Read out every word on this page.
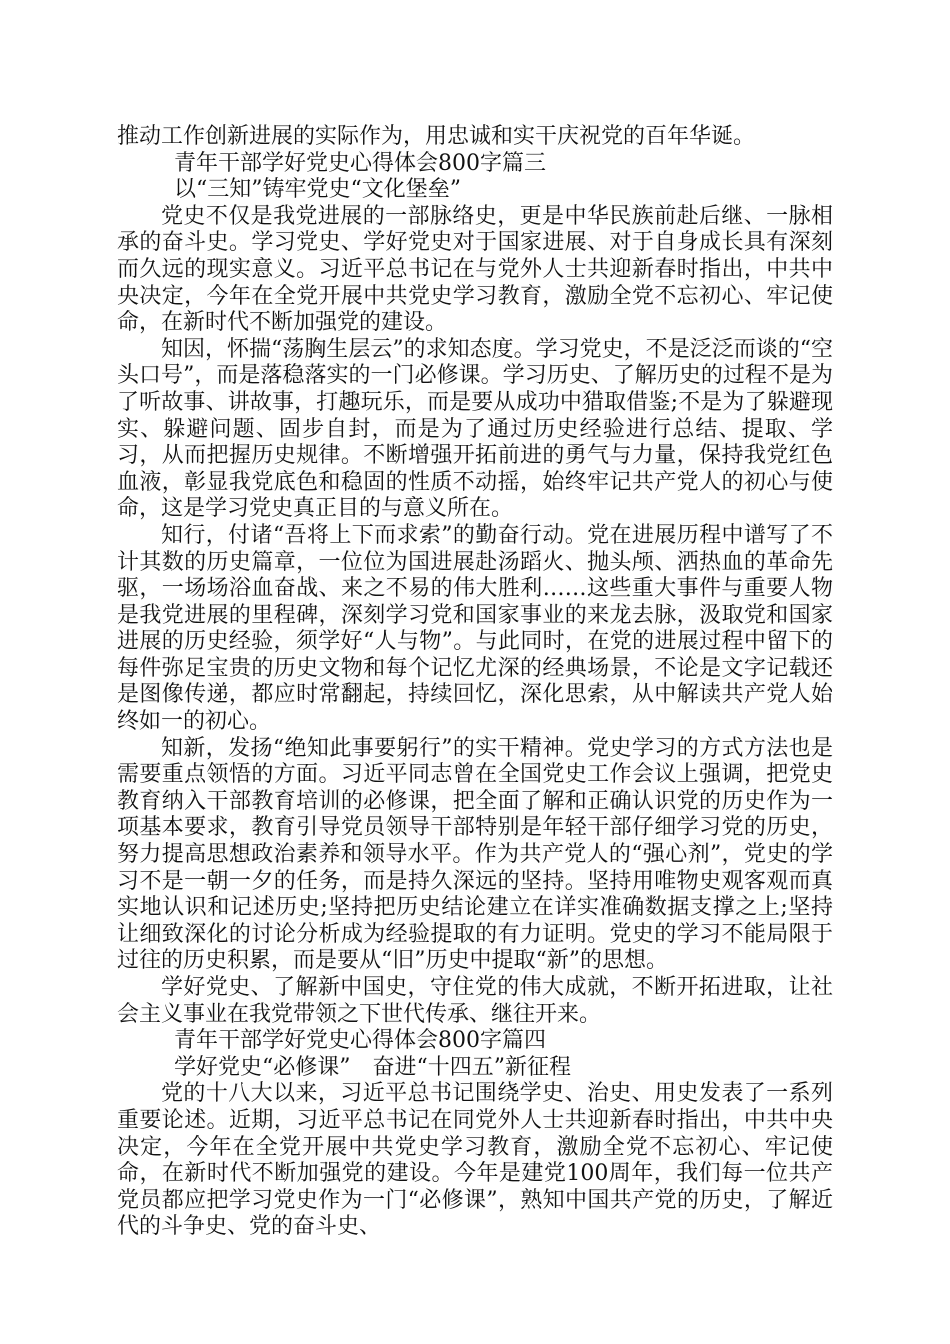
推动工作创新进展的实际作为，用忠诚和实干庆祝党的百年华诞。

青年干部学好党史心得体会800字篇三

以“三知”铸牢党史“文化堡垒”

党史不仅是我党进展的一部脉络史，更是中华民族前赴后继、一脉相承的奋斗史。学习党史、学好党史对于国家进展、对于自身成长具有深刻而久远的现实意义。习近平总书记在与党外人士共迎新春时指出，中共中央决定，今年在全党开展中共党史学习教育，激励全党不忘初心、牢记使命，在新时代不断加强党的建设。

知因，怀揣“荡胸生层云”的求知态度。学习党史，不是泛泛而谈的“空头口号”，而是落稳落实的一门必修课。学习历史、了解历史的过程不是为了听故事、讲故事，打趣玩乐，而是要从成功中猎取借鉴;不是为了躲避现实、躲避问题、固步自封，而是为了通过历史经验进行总结、提取、学习，从而把握历史规律。不断增强开拓前进的勇气与力量，保持我党红色血液，彰显我党底色和稳固的性质不动摇，始终牢记共产党人的初心与使命，这是学习党史真正目的与意义所在。

知行，付诸“吾将上下而求索”的勤奋行动。党在进展历程中谱写了不计其数的历史篇章，一位位为国进展赴汤蹈火、抛头颅、洒热血的革命先驱，一场场浴血奋战、来之不易的伟大胜利……这些重大事件与重要人物是我党进展的里程碑，深刻学习党和国家事业的来龙去脉，汲取党和国家进展的历史经验，须学好“人与物”。与此同时，在党的进展过程中留下的每件弥足宝贵的历史文物和每个记忆尤深的经典场景，不论是文字记载还是图像传递，都应时常翻起，持续回忆，深化思索，从中解读共产党人始终如一的初心。

知新，发扬“绝知此事要躬行”的实干精神。党史学习的方式方法也是需要重点领悟的方面。习近平同志曾在全国党史工作会议上强调，把党史教育纳入干部教育培训的必修课，把全面了解和正确认识党的历史作为一项基本要求，教育引导党员领导干部特别是年轻干部仔细学习党的历史，努力提高思想政治素养和领导水平。作为共产党人的“强心剂”，党史的学习不是一朝一夕的任务，而是持久深远的坚持。坚持用唯物史观客观而真实地认识和记述历史;坚持把历史结论建立在详实准确数据支撑之上;坚持让细致深化的讨论分析成为经验提取的有力证明。党史的学习不能局限于过往的历史积累，而是要从“旧”历史中提取“新”的思想。

学好党史、了解新中国史，守住党的伟大成就，不断开拓进取，让社会主义事业在我党带领之下世代传承、继往开来。

青年干部学好党史心得体会800字篇四

学好党史“必修课”　奋进“十四五”新征程

党的十八大以来，习近平总书记围绕学史、治史、用史发表了一系列重要论述。近期，习近平总书记在同党外人士共迎新春时指出，中共中央决定，今年在全党开展中共党史学习教育，激励全党不忘初心、牢记使命，在新时代不断加强党的建设。今年是建党100周年，我们每一位共产党员都应把学习党史作为一门“必修课”，熟知中国共产党的历史，了解近代的斗争史、党的奋斗史、
